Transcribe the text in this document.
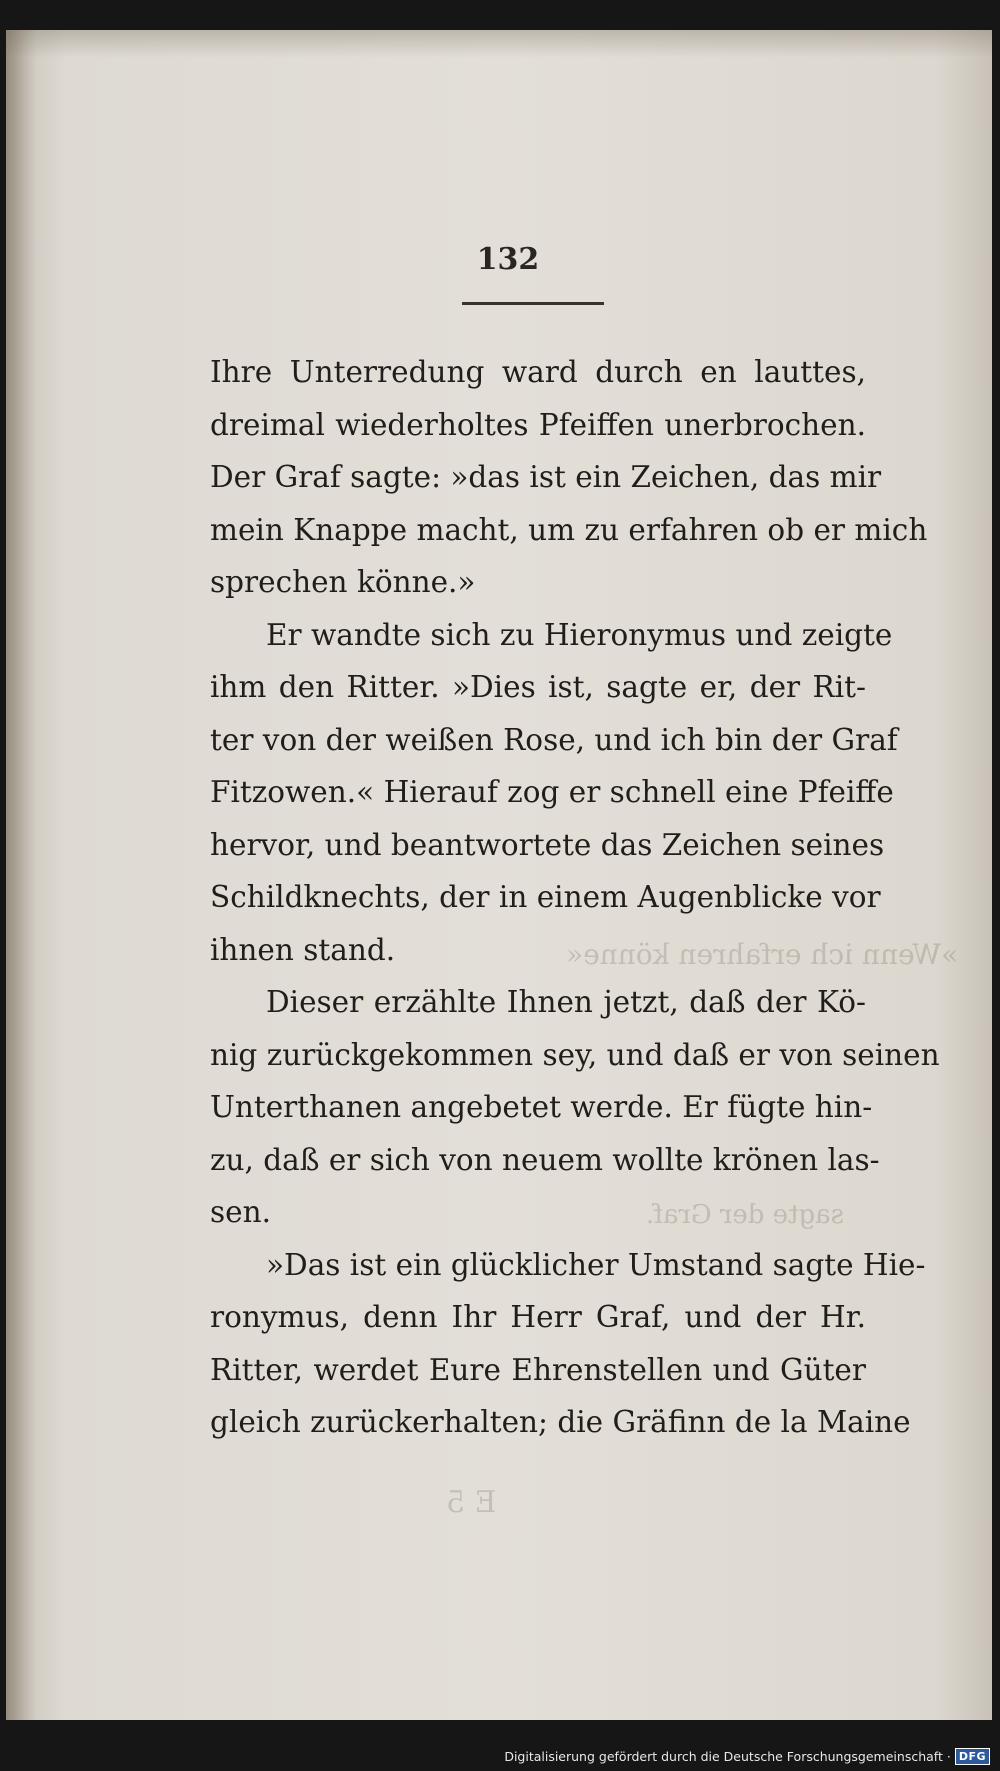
»Wenn ich erfahren könne«
sagte der Graf.
E 5
132
Ihre Unterredung ward durch en lauttes,
dreimal wiederholtes Pfeiffen unerbrochen.
Der Graf sagte: »das ist ein Zeichen, das mir
mein Knappe macht, um zu erfahren ob er mich
sprechen könne.»
Er wandte sich zu Hieronymus und zeigte
ihm den Ritter. »Dies ist, sagte er, der Rit-
ter von der weißen Rose, und ich bin der Graf
Fitzowen.« Hierauf zog er schnell eine Pfeiffe
hervor, und beantwortete das Zeichen seines
Schildknechts, der in einem Augenblicke vor
ihnen stand.
Dieser erzählte Ihnen jetzt, daß der Kö-
nig zurückgekommen sey, und daß er von seinen
Unterthanen angebetet werde. Er fügte hin-
zu, daß er sich von neuem wollte krönen las-
sen.
»Das ist ein glücklicher Umstand sagte Hie-
ronymus, denn Ihr Herr Graf, und der Hr.
Ritter, werdet Eure Ehrenstellen und Güter
gleich zurückerhalten; die Gräfinn de la Maine
Digitalisierung gefördert durch die Deutsche Forschungsgemeinschaft · DFG
